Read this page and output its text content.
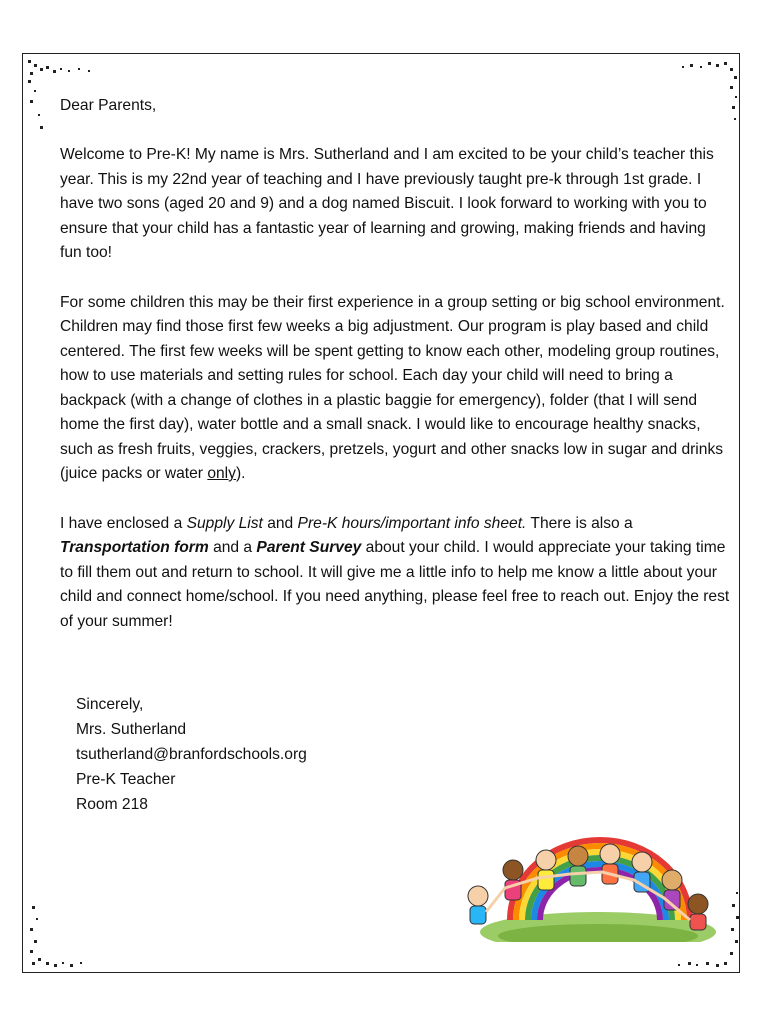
Dear Parents,

Welcome to Pre-K! My name is Mrs. Sutherland and I am excited to be your child’s teacher this year. This is my 22nd year of teaching and I have previously taught pre-k through 1st grade. I have two sons (aged 20 and 9) and a dog named Biscuit. I look forward to working with you to ensure that your child has a fantastic year of learning and growing, making friends and having fun too!

For some children this may be their first experience in a group setting or big school environment. Children may find those first few weeks a big adjustment. Our program is play based and child centered. The first few weeks will be spent getting to know each other, modeling group routines, how to use materials and setting rules for school. Each day your child will need to bring a backpack (with a change of clothes in a plastic baggie for emergency), folder (that I will send home the first day), water bottle and a small snack. I would like to encourage healthy snacks, such as fresh fruits, veggies, crackers, pretzels, yogurt and other snacks low in sugar and drinks (juice packs or water only).

I have enclosed a Supply List and Pre-K hours/important info sheet. There is also a Transportation form and a Parent Survey about your child. I would appreciate your taking time to fill them out and return to school. It will give me a little info to help me know a little about your child and connect home/school. If you need anything, please feel free to reach out. Enjoy the rest of your summer!

Sincerely,
Mrs. Sutherland
tsutherland@branfordschools.org
Pre-K Teacher
Room 218
